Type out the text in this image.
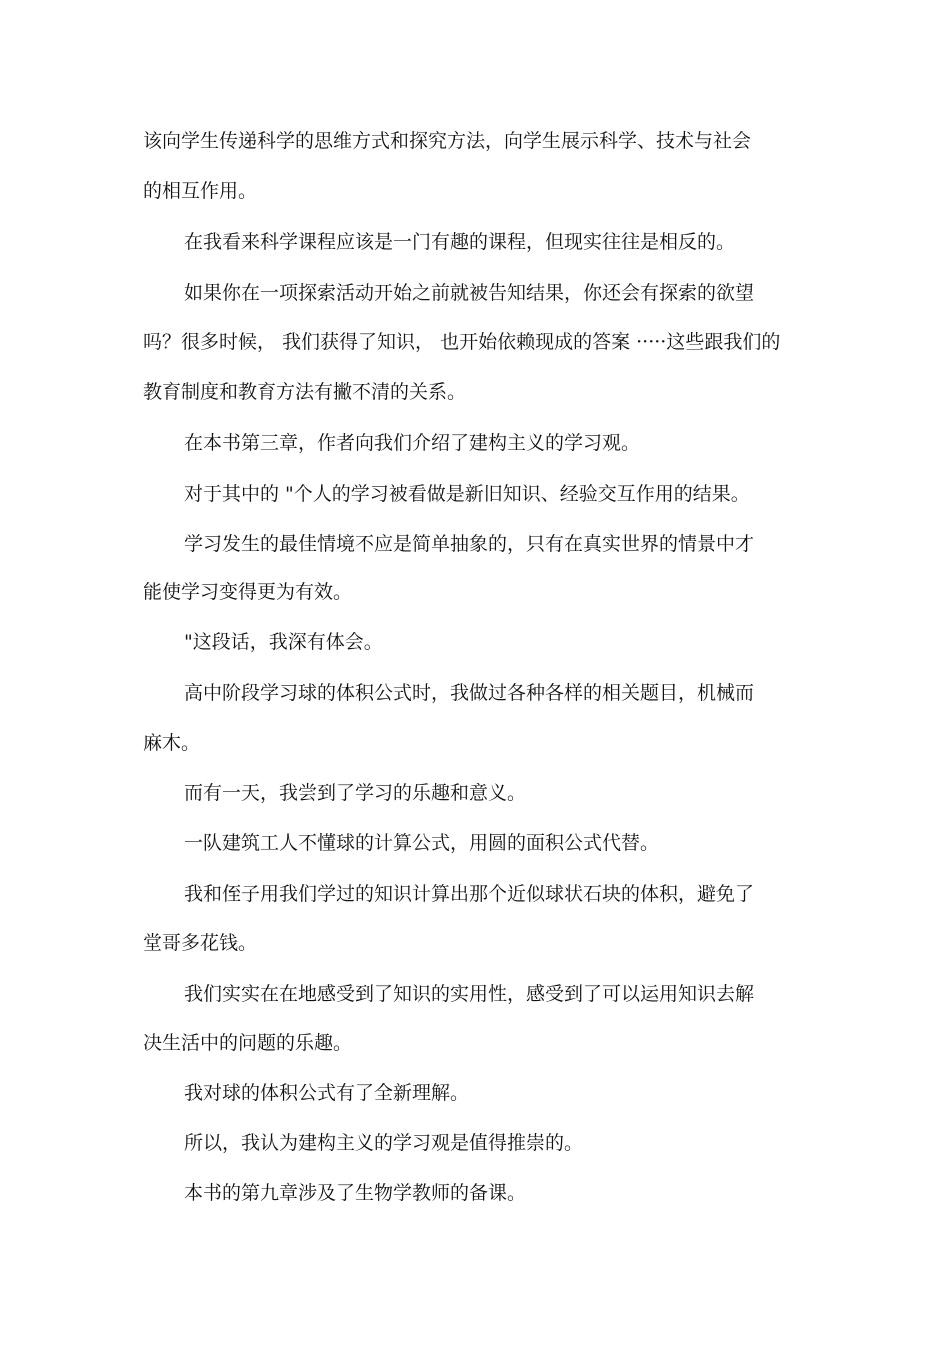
该向学生传递科学的思维方式和探究方法，向学生展示科学、技术与社会
的相互作用。
在我看来科学课程应该是一门有趣的课程，但现实往往是相反的。
如果你在一项探索活动开始之前就被告知结果，你还会有探索的欲望
吗？很多时候， 我们获得了知识， 也开始依赖现成的答案 ·····这些跟我们的
教育制度和教育方法有撇不清的关系。
在本书第三章，作者向我们介绍了建构主义的学习观。
对于其中的 "个人的学习被看做是新旧知识、经验交互作用的结果。
学习发生的最佳情境不应是简单抽象的，只有在真实世界的情景中才
能使学习变得更为有效。
"这段话，我深有体会。
高中阶段学习球的体积公式时，我做过各种各样的相关题目，机械而
麻木。
而有一天，我尝到了学习的乐趣和意义。
一队建筑工人不懂球的计算公式，用圆的面积公式代替。
我和侄子用我们学过的知识计算出那个近似球状石块的体积，避免了
堂哥多花钱。
我们实实在在地感受到了知识的实用性，感受到了可以运用知识去解
决生活中的问题的乐趣。
我对球的体积公式有了全新理解。
所以，我认为建构主义的学习观是值得推崇的。
本书的第九章涉及了生物学教师的备课。
